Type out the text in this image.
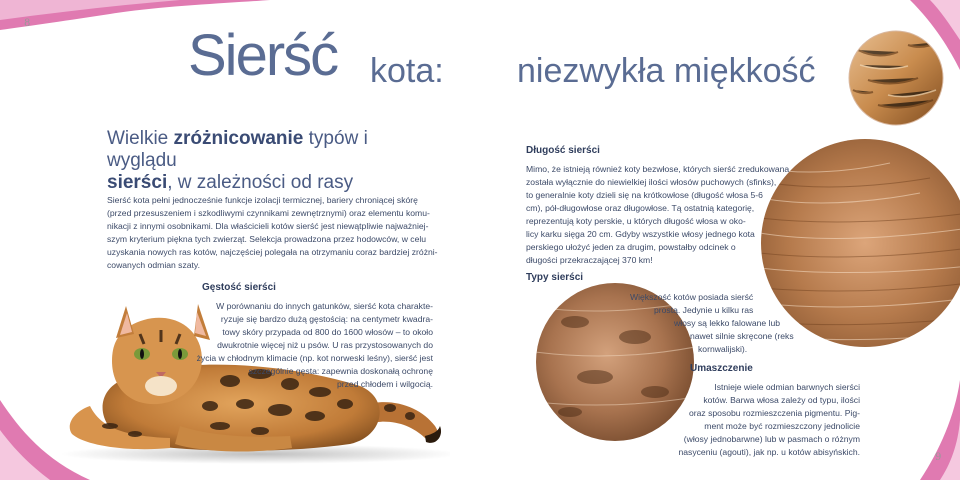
8
9
Sierść kota: niezwykła miękkość
Wielkie zróżnicowanie typów i wyglądu
sierści, w zależności od rasy

Sierść kota pełni jednocześnie funkcje izolacji termicznej, bariery chroniącej skórę

(przed przesuszeniem i szkodliwymi czynnikami zewnętrznymi) oraz elementu komu-

nikacji z innymi osobnikami. Dla właścicieli kotów sierść jest niewątpliwie najważniej-

szym kryterium piękna tych zwierząt. Selekcja prowadzona przez hodowców, w celu

uzyskania nowych ras kotów, najczęściej polegała na otrzymaniu coraz bardziej zróżni-

cowanych odmian szaty.

Gęstość sierści

W porównaniu do innych gatunków, sierść kota charakte-

ryzuje się bardzo dużą gęstością: na centymetr kwadra-

towy skóry przypada od 800 do 1600 włosów – to około

dwukrotnie więcej niż u psów. U ras przystosowanych do

życia w chłodnym klimacie (np. kot norweski leśny), sierść jest

szczególnie gęsta: zapewnia doskonałą ochronę

przed chłodem i wilgocią.

Długość sierści

Mimo, że istnieją również koty bezwłose, których sierść zredukowana

została wyłącznie do niewielkiej ilości włosów puchowych (sfinks),

to generalnie koty dzieli się na krótkowłose (długość włosa 5-6

cm), pół-długowłose oraz długowłose. Tą ostatnią kategorię,

reprezentują koty perskie, u których długość włosa w oko-

licy karku sięga 20 cm. Gdyby wszystkie włosy jednego kota

perskiego ułożyć jeden za drugim, powstałby odcinek o

długości przekraczającej 370 km!

Typy sierści

Większość kotów posiada sierść

prostą. Jedynie u kilku ras

włosy są lekko falowane lub

nawet silnie skręcone (reks

kornwalijski).

Umaszczenie

Istnieje wiele odmian barwnych sierści

kotów. Barwa włosa zależy od typu, ilości

oraz sposobu rozmieszczenia pigmentu. Pig-

ment może być rozmieszczony jednolicie

(włosy jednobarwne) lub w pasmach o różnym

nasyceniu (agouti), jak np. u kotów abisyńskich.
